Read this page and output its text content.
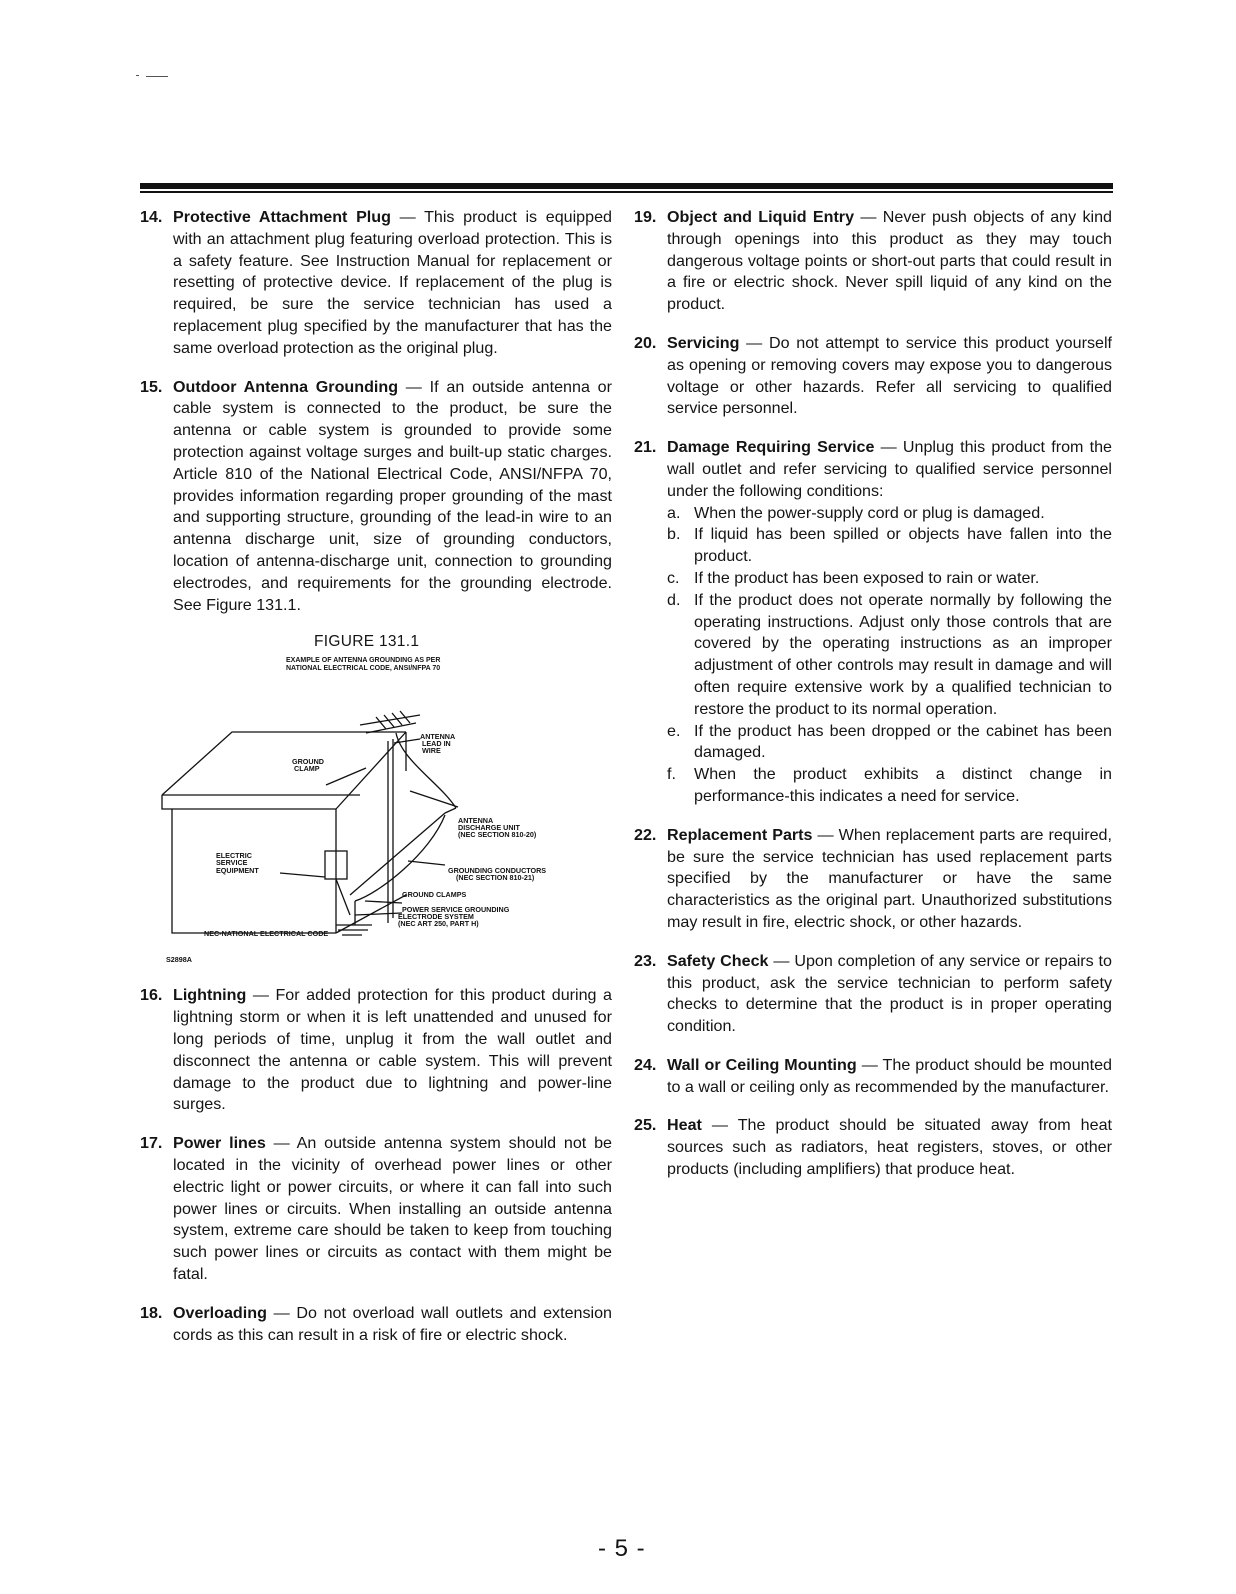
14. Protective Attachment Plug — This product is equipped with an attachment plug featuring overload protection. This is a safety feature. See Instruction Manual for replacement or resetting of protective device. If replacement of the plug is required, be sure the service technician has used a replacement plug specified by the manufacturer that has the same overload protection as the original plug.
15. Outdoor Antenna Grounding — If an outside antenna or cable system is connected to the product, be sure the antenna or cable system is grounded to provide some protection against voltage surges and built-up static charges. Article 810 of the National Electrical Code, ANSI/NFPA 70, provides information regarding proper grounding of the mast and supporting structure, grounding of the lead-in wire to an antenna discharge unit, size of grounding conductors, location of antenna-discharge unit, connection to grounding electrodes, and requirements for the grounding electrode. See Figure 131.1.
ANTENNA
LEAD IN
WIRE
GROUND
CLAMP
ANTENNA
DISCHARGE UNIT
(NEC SECTION 810-20)
ELECTRIC
SERVICE
EQUIPMENT	GROUNDING CONDUCTORS
(NEC SECTION 810-21)
GROUND CLAMPS
POWER SERVICE GROUNDING
ELECTRODE SYSTEM
(NEC ART 250, PART H)
NEC-NATIONAL ELECTRICAL CODE
S2898A
FIGURE 131.1
EXAMPLE OF ANTENNA GROUNDING AS PER
NATIONAL ELECTRICAL CODE, ANSI/NFPA 70
16. Lightning — For added protection for this product during a lightning storm or when it is left unattended and unused for long periods of time, unplug it from the wall outlet and disconnect the antenna or cable system. This will prevent damage to the product due to lightning and power-line surges.
17. Power lines — An outside antenna system should not be located in the vicinity of overhead power lines or other electric light or power circuits, or where it can fall into such power lines or circuits. When installing an outside antenna system, extreme care should be taken to keep from touching such power lines or circuits as contact with them might be fatal.
18. Overloading — Do not overload wall outlets and extension cords as this can result in a risk of fire or electric shock.
19. Object and Liquid Entry — Never push objects of any kind through openings into this product as they may touch dangerous voltage points or short-out parts that could result in a fire or electric shock. Never spill liquid of any kind on the product.
20. Servicing — Do not attempt to service this product yourself as opening or removing covers may expose you to dangerous voltage or other hazards. Refer all servicing to qualified service personnel.
21. Damage Requiring Service — Unplug this product from the wall outlet and refer servicing to qualified service personnel under the following conditions:
a. When the power-supply cord or plug is damaged.
b. If liquid has been spilled or objects have fallen into the product.
c. If the product has been exposed to rain or water.
d. If the product does not operate normally by following the operating instructions. Adjust only those controls that are covered by the operating instructions as an improper adjustment of other controls may result in damage and will often require extensive work by a qualified technician to restore the product to its normal operation.
e. If the product has been dropped or the cabinet has been damaged.
f.	When the product exhibits a distinct change in performance-this indicates a need for service.
22. Replacement Parts — When replacement parts are required, be sure the service technician has used replacement parts specified by the manufacturer or have the same characteristics as the original part. Unauthorized substitutions may result in fire, electric shock, or other hazards.
23. Safety Check — Upon completion of any service or repairs to this product, ask the service technician to perform safety checks to determine that the product is in proper operating condition.
24. Wall or Ceiling Mounting — The product should be mounted to a wall or ceiling only as recommended by the manufacturer.
25. Heat — The product should be situated away from heat sources such as radiators, heat registers, stoves, or other products (including amplifiers) that produce heat.
- 5 -
